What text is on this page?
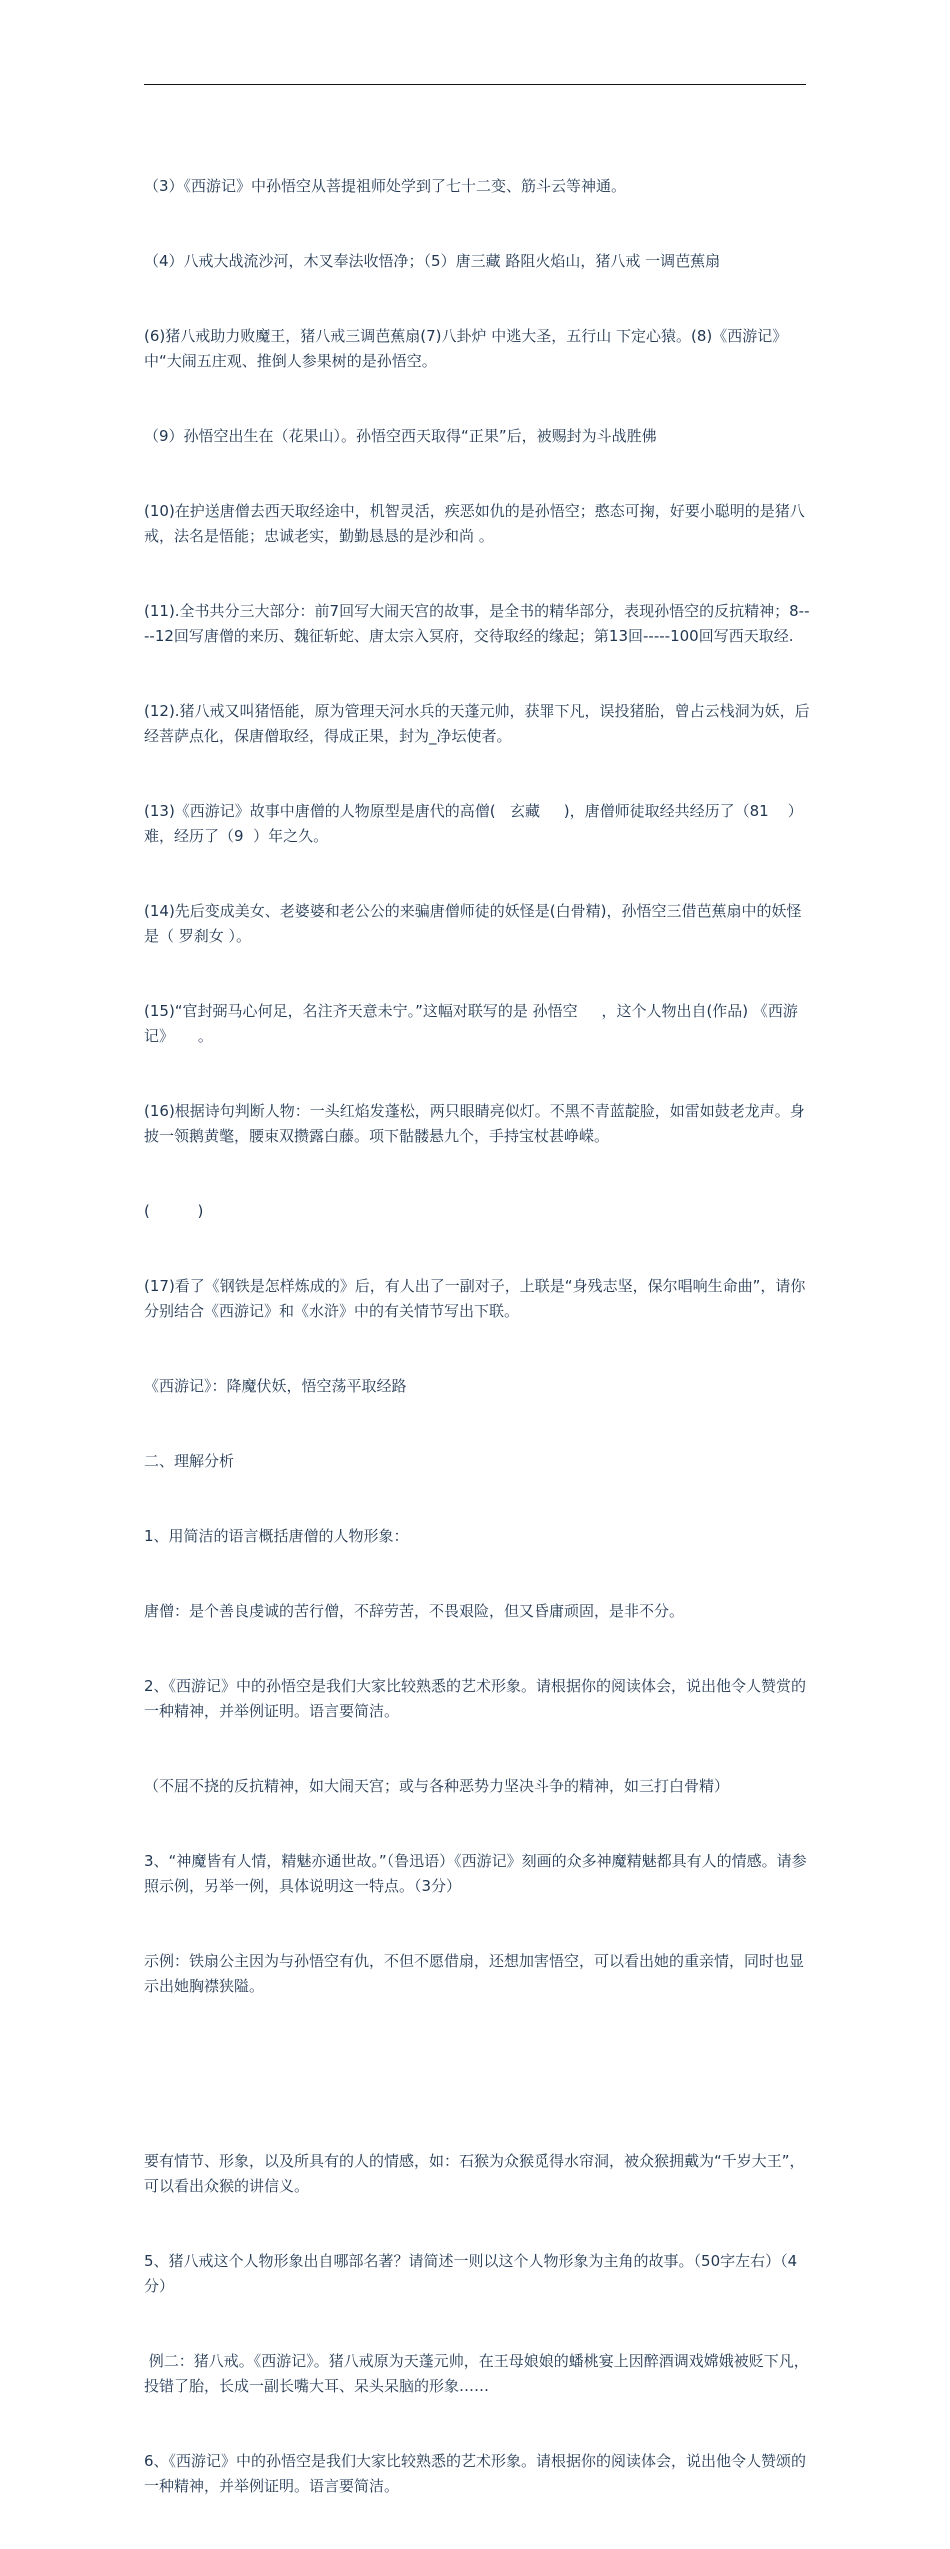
（3）《西游记》中孙悟空从菩提祖师处学到了七十二变、筋斗云等神通。

（4）八戒大战流沙河，木叉奉法收悟净；（5）唐三藏 路阻火焰山，猪八戒 一调芭蕉扇

(6)猪八戒助力败魔王，猪八戒三调芭蕉扇(7)八卦炉 中逃大圣，五行山 下定心猿。(8)《西游记》中“大闹五庄观、推倒人参果树的是孙悟空。

（9）孙悟空出生在（花果山）。孙悟空西天取得“正果”后，被赐封为斗战胜佛

(10)在护送唐僧去西天取经途中，机智灵活，疾恶如仇的是孙悟空；憨态可掬，好要小聪明的是猪八戒，法名是悟能；忠诚老实，勤勤恳恳的是沙和尚 。

(11).全书共分三大部分：前7回写大闹天宫的故事，是全书的精华部分，表现孙悟空的反抗精神；8----12回写唐僧的来历、魏征斩蛇、唐太宗入冥府，交待取经的缘起；第13回-----100回写西天取经.

(12).猪八戒又叫猪悟能，原为管理天河水兵的天蓬元帅，获罪下凡，误投猪胎，曾占云栈洞为妖，后经菩萨点化，保唐僧取经，得成正果，封为_净坛使者。

(13)《西游记》故事中唐僧的人物原型是唐代的高僧(   玄藏     )，唐僧师徒取经共经历了（81    ）难，经历了（9  ）年之久。

(14)先后变成美女、老婆婆和老公公的来骗唐僧师徒的妖怪是(白骨精)，孙悟空三借芭蕉扇中的妖怪是（ 罗刹女 ）。

(15)“官封弼马心何足，名注齐天意未宁。”这幅对联写的是 孙悟空     ，这个人物出自(作品) 《西游记》     。

(16)根据诗句判断人物：一头红焰发蓬松，两只眼睛亮似灯。不黑不青蓝靛脸，如雷如鼓老龙声。身披一领鹅黄氅，腰束双攒露白藤。项下骷髅悬九个，手持宝杖甚峥嵘。

(          )

(17)看了《钢铁是怎样炼成的》后，有人出了一副对子，上联是“身残志坚，保尔唱响生命曲”，请你分别结合《西游记》和《水浒》中的有关情节写出下联。

《西游记》：降魔伏妖，悟空荡平取经路

二、理解分析

1、用简洁的语言概括唐僧的人物形象：

唐僧：是个善良虔诚的苦行僧，不辞劳苦，不畏艰险，但又昏庸顽固，是非不分。

2、《西游记》中的孙悟空是我们大家比较熟悉的艺术形象。请根据你的阅读体会，说出他令人赞赏的一种精神，并举例证明。语言要简洁。

（不屈不挠的反抗精神，如大闹天宫；或与各种恶势力坚决斗争的精神，如三打白骨精）

3、“神魔皆有人情，精魅亦通世故。”（鲁迅语）《西游记》刻画的众多神魔精魅都具有人的情感。请参照示例，另举一例，具体说明这一特点。（3分）

示例：铁扇公主因为与孙悟空有仇，不但不愿借扇，还想加害悟空，可以看出她的重亲情，同时也显示出她胸襟狭隘。

要有情节、形象，以及所具有的人的情感，如：石猴为众猴觅得水帘洞，被众猴拥戴为“千岁大王”，可以看出众猴的讲信义。

5、猪八戒这个人物形象出自哪部名著？请简述一则以这个人物形象为主角的故事。（50字左右）（4分）

例二：猪八戒。《西游记》。猪八戒原为天蓬元帅，在王母娘娘的蟠桃宴上因醉酒调戏嫦娥被贬下凡，投错了胎，长成一副长嘴大耳、呆头呆脑的形象……

6、《西游记》中的孙悟空是我们大家比较熟悉的艺术形象。请根据你的阅读体会，说出他令人赞颂的一种精神，并举例证明。语言要简洁。
